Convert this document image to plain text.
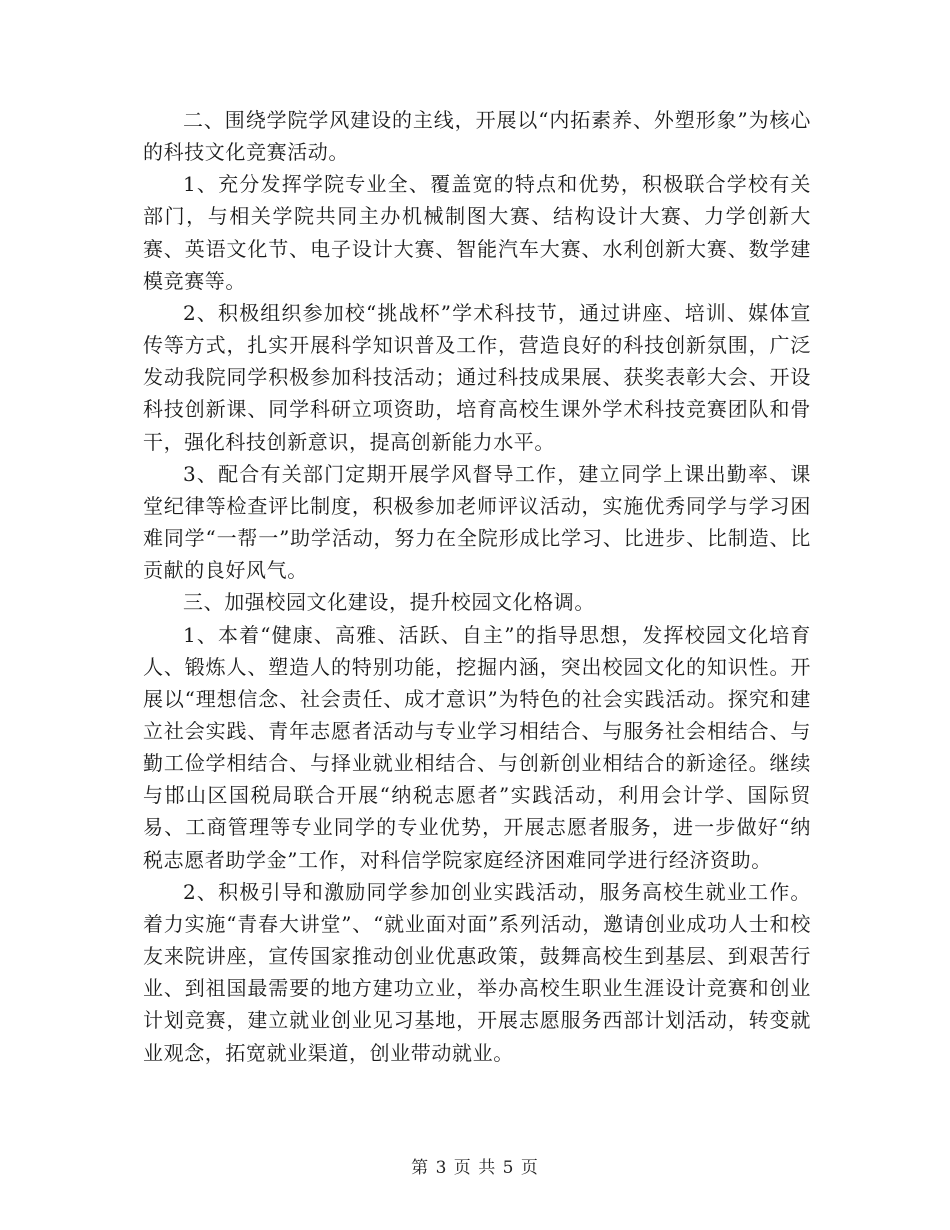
二、围绕学院学风建设的主线，开展以“内拓素养、外塑形象”为核心的科技文化竞赛活动。

1、充分发挥学院专业全、覆盖宽的特点和优势，积极联合学校有关部门，与相关学院共同主办机械制图大赛、结构设计大赛、力学创新大赛、英语文化节、电子设计大赛、智能汽车大赛、水利创新大赛、数学建模竞赛等。

2、积极组织参加校“挑战杯”学术科技节，通过讲座、培训、媒体宣传等方式，扎实开展科学知识普及工作，营造良好的科技创新氛围，广泛发动我院同学积极参加科技活动；通过科技成果展、获奖表彰大会、开设科技创新课、同学科研立项资助，培育高校生课外学术科技竞赛团队和骨干，强化科技创新意识，提高创新能力水平。

3、配合有关部门定期开展学风督导工作，建立同学上课出勤率、课堂纪律等检查评比制度，积极参加老师评议活动，实施优秀同学与学习困难同学“一帮一”助学活动，努力在全院形成比学习、比进步、比制造、比贡献的良好风气。

三、加强校园文化建设，提升校园文化格调。

1、本着“健康、高雅、活跃、自主”的指导思想，发挥校园文化培育人、锻炼人、塑造人的特别功能，挖掘内涵，突出校园文化的知识性。开展以“理想信念、社会责任、成才意识”为特色的社会实践活动。探究和建立社会实践、青年志愿者活动与专业学习相结合、与服务社会相结合、与勤工俭学相结合、与择业就业相结合、与创新创业相结合的新途径。继续与邯山区国税局联合开展“纳税志愿者”实践活动，利用会计学、国际贸易、工商管理等专业同学的专业优势，开展志愿者服务，进一步做好“纳税志愿者助学金”工作，对科信学院家庭经济困难同学进行经济资助。

2、积极引导和激励同学参加创业实践活动，服务高校生就业工作。着力实施“青春大讲堂”、“就业面对面”系列活动，邀请创业成功人士和校友来院讲座，宣传国家推动创业优惠政策，鼓舞高校生到基层、到艰苦行业、到祖国最需要的地方建功立业，举办高校生职业生涯设计竞赛和创业计划竞赛，建立就业创业见习基地，开展志愿服务西部计划活动，转变就业观念，拓宽就业渠道，创业带动就业。

第 3 页 共 5 页
